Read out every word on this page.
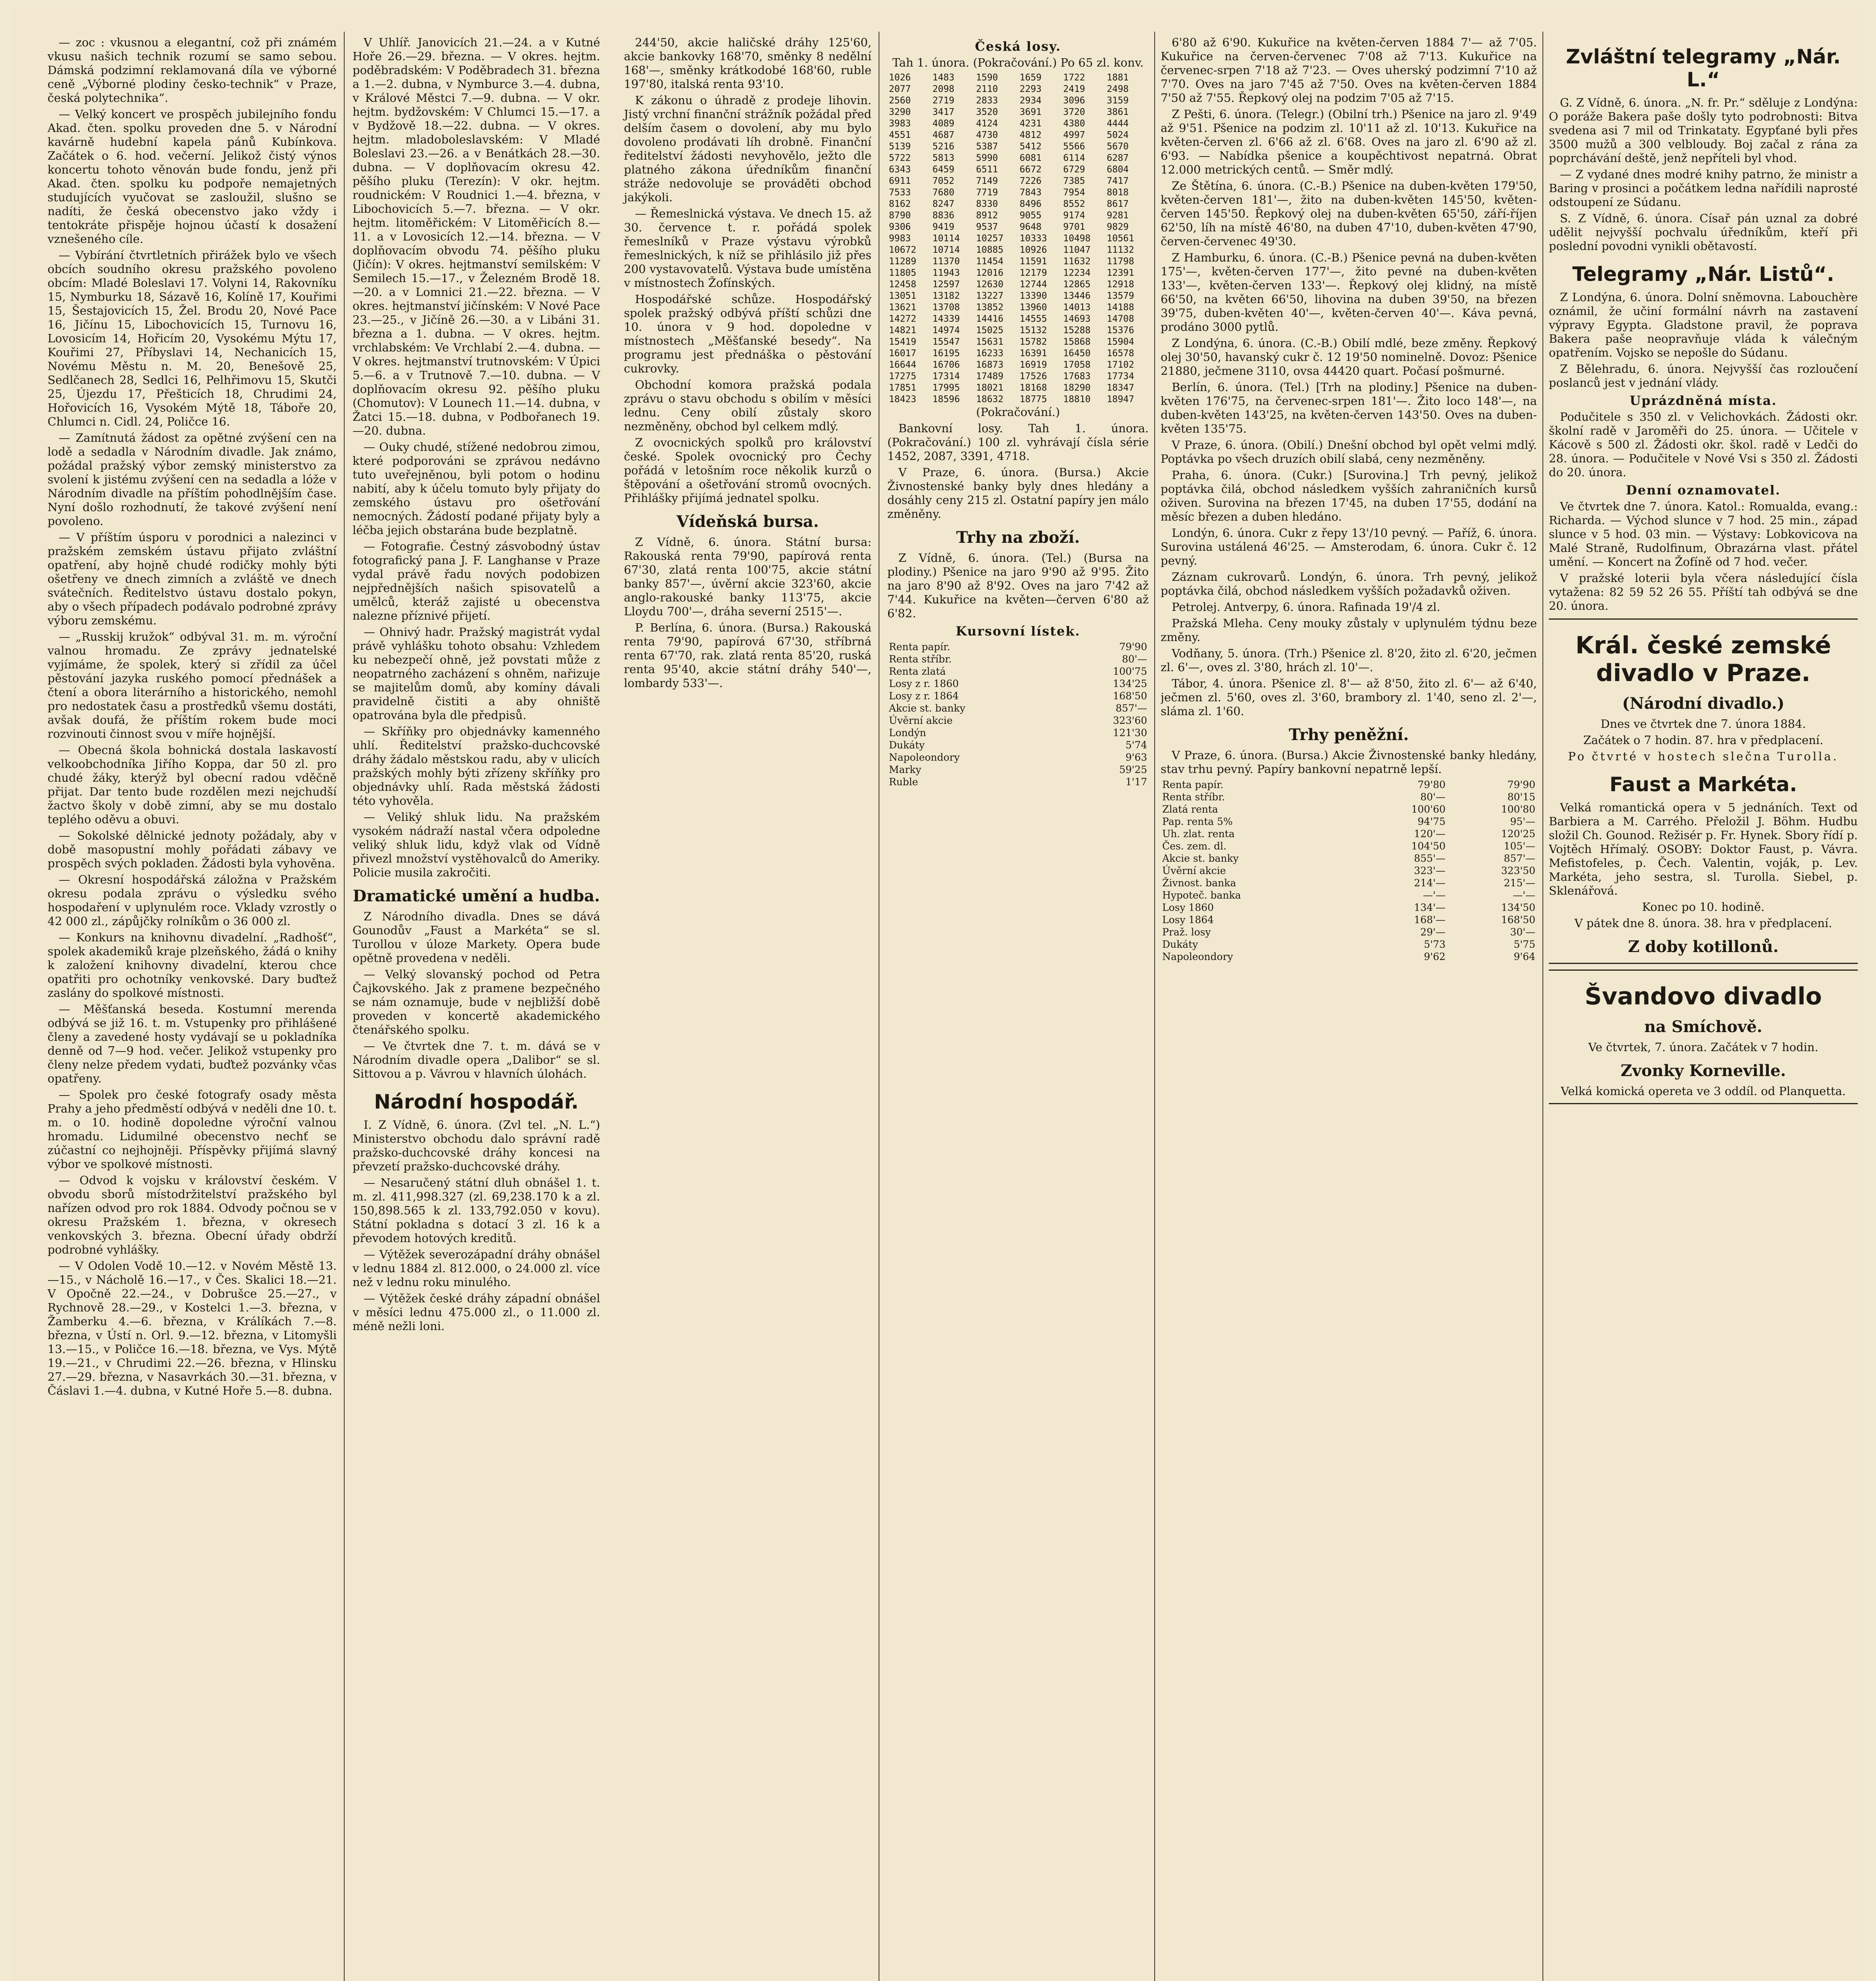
— zoc : vkusnou a elegantní, což při známém vkusu našich technik rozumí se samo sebou. Dámská podzimní reklamovaná díla ve výborné ceně „Výborné plodiny česko-technik“ v Praze, česká polytechnika“.

— Velký koncert ve prospěch jubilejního fondu Akad. čten. spolku proveden dne 5. v Národní kavárně hudební kapela pánů Kubínkova. Začátek o 6. hod. večerní. Jelikož čistý výnos koncertu tohoto věnován bude fondu, jenž při Akad. čten. spolku ku podpoře nemajetných studujících vyučovat se zasloužil, slušno se nadíti, že česká obecenstvo jako vždy i tentokráte přispěje hojnou účastí k dosažení vznešeného cíle.

— Vybírání čtvrtletních přirážek bylo ve všech obcích soudního okresu pražského povoleno obcím: Mladé Boleslavi 17. Volyni 14, Rakovníku 15, Nymburku 18, Sázavě 16, Kolíně 17, Kouřimi 15, Šestajovicích 15, Žel. Brodu 20, Nové Pace 16, Jičínu 15, Libochovicích 15, Turnovu 16, Lovosicím 14, Hořicím 20, Vysokému Mýtu 17, Kouřimi 27, Příbyslavi 14, Nechanicích 15, Novému Městu n. M. 20, Benešově 25, Sedlčanech 28, Sedlci 16, Pelhřimovu 15, Skutči 25, Újezdu 17, Přešticích 18, Chrudimi 24, Hořovicích 16, Vysokém Mýtě 18, Táboře 20, Chlumci n. Cidl. 24, Poličce 16.

— Zamítnutá žádost za opětné zvýšení cen na lodě a sedadla v Národním divadle. Jak známo, požádal pražský výbor zemský ministerstvo za svolení k jistému zvýšení cen na sedadla a lóže v Národním divadle na příštím pohodlnějším čase. Nyní došlo rozhodnutí, že takové zvýšení není povoleno.

— V příštím úsporu v porodnici a nalezinci v pražském zemském ústavu přijato zvláštní opatření, aby hojně chudé rodičky mohly býti ošetřeny ve dnech zimních a zvláště ve dnech svátečních. Ředitelstvo ústavu dostalo pokyn, aby o všech případech podávalo podrobné zprávy výboru zemskému.

— „Russkij kružok“ odbýval 31. m. m. výroční valnou hromadu. Ze zprávy jednatelské vyjímáme, že spolek, který si zřídil za účel pěstování jazyka ruského pomocí přednášek a čtení a obora literárního a historického, nemohl pro nedostatek času a prostředků všemu dostáti, avšak doufá, že příštím rokem bude moci rozvinouti činnost svou v míře hojnější.

— Obecná škola bohnická dostala laskavostí velkoobchodníka Jiřího Koppa, dar 50 zl. pro chudé žáky, kterýž byl obecní radou vděčně přijat. Dar tento bude rozdělen mezi nejchudší žactvo školy v době zimní, aby se mu dostalo teplého oděvu a obuvi.

— Sokolské dělnické jednoty požádaly, aby v době masopustní mohly pořádati zábavy ve prospěch svých pokladen. Žádosti byla vyhověna.

— Okresní hospodářská záložna v Pražském okresu podala zprávu o výsledku svého hospodaření v uplynulém roce. Vklady vzrostly o 42 000 zl., zápůjčky rolníkům o 36 000 zl.

— Konkurs na knihovnu divadelní. „Radhošť“, spolek akademiků kraje plzeňského, žádá o knihy k založení knihovny divadelní, kterou chce opatřiti pro ochotníky venkovské. Dary buďtež zaslány do spolkové místnosti.

— Měšťanská beseda. Kostumní merenda odbývá se již 16. t. m. Vstupenky pro přihlášené členy a zavedené hosty vydávají se u pokladníka denně od 7—9 hod. večer. Jelikož vstupenky pro členy nelze předem vydati, buďtež pozvánky včas opatřeny.

— Spolek pro české fotografy osady města Prahy a jeho předměstí odbývá v neděli dne 10. t. m. o 10. hodině dopoledne výroční valnou hromadu. Lidumilné obecenstvo nechť se zúčastní co nejhojněji. Příspěvky přijímá slavný výbor ve spolkové místnosti.

— Odvod k vojsku v království českém. V obvodu sborů místodržitelství pražského byl nařízen odvod pro rok 1884. Odvody počnou se v okresu Pražském 1. března, v okresech venkovských 3. března. Obecní úřady obdrží podrobné vyhlášky.

— V Odolen Vodě 10.—12. v Novém Městě 13.—15., v Nácholě 16.—17., v Čes. Skalici 18.—21. V Opočně 22.—24., v Dobrušce 25.—27., v Rychnově 28.—29., v Kostelci 1.—3. března, v Žamberku 4.—6. března, v Králíkách 7.—8. března, v Ústí n. Orl. 9.—12. března, v Litomyšli 13.—15., v Poličce 16.—18. března, ve Vys. Mýtě 19.—21., v Chrudimi 22.—26. března, v Hlinsku 27.—29. března, v Nasavrkách 30.—31. března, v Čáslavi 1.—4. dubna, v Kutné Hoře 5.—8. dubna.

V Uhlíř. Janovicích 21.—24. a v Kutné Hoře 26.—29. března. — V okres. hejtm. poděbradském: V Poděbradech 31. března a 1.—2. dubna, v Nymburce 3.—4. dubna, v Králové Městci 7.—9. dubna. — V okr. hejtm. bydžovském: V Chlumci 15.—17. a v Bydžově 18.—22. dubna. — V okres. hejtm. mladoboleslavském: V Mladé Boleslavi 23.—26. a v Benátkách 28.—30. dubna. — V doplňovacím okresu 42. pěšího pluku (Terezín): V okr. hejtm. roudnickém: V Roudnici 1.—4. března, v Libochovicích 5.—7. března. — V okr. hejtm. litoměřickém: V Litoměřicích 8.—11. a v Lovosicích 12.—14. března. — V doplňovacím obvodu 74. pěšího pluku (Jičín): V okres. hejtmanství semilském: V Semilech 15.—17., v Železném Brodě 18.—20. a v Lomnici 21.—22. března. — V okres. hejtmanství jičínském: V Nové Pace 23.—25., v Jičíně 26.—30. a v Libáni 31. března a 1. dubna. — V okres. hejtm. vrchlabském: Ve Vrchlabí 2.—4. dubna. — V okres. hejtmanství trutnovském: V Úpici 5.—6. a v Trutnově 7.—10. dubna. — V doplňovacím okresu 92. pěšího pluku (Chomutov): V Lounech 11.—14. dubna, v Žatci 15.—18. dubna, v Podbořanech 19.—20. dubna.

— Ouky chudé, stížené nedobrou zimou, které podporováni se zprávou nedávno tuto uveřejněnou, byli potom o hodinu nabití, aby k účelu tomuto byly přijaty do zemského ústavu pro ošetřování nemocných. Žádostí podané přijaty byly a léčba jejich obstarána bude bezplatně.

— Fotografie. Čestný zásvobodný ústav fotografický pana J. F. Langhanse v Praze vydal právě řadu nových podobizen nejpřednějších našich spisovatelů a umělců, kteráž zajisté u obecenstva nalezne příznivé přijetí.

— Ohnivý hadr. Pražský magistrát vydal právě vyhlášku tohoto obsahu: Vzhledem ku nebezpečí ohně, jež povstati může z neopatrného zacházení s ohněm, nařizuje se majitelům domů, aby komíny dávali pravidelně čistiti a aby ohniště opatrována byla dle předpisů.

— Skříňky pro objednávky kamenného uhlí. Ředitelství pražsko-duchcovské dráhy žádalo městskou radu, aby v ulicích pražských mohly býti zřízeny skříňky pro objednávky uhlí. Rada městská žádosti této vyhověla.

— Veliký shluk lidu. Na pražském vysokém nádraží nastal včera odpoledne veliký shluk lidu, když vlak od Vídně přivezl množství vystěhovalců do Ameriky. Policie musila zakročiti.

Dramatické umění a hudba.

Z Národního divadla. Dnes se dává Gounodův „Faust a Markéta“ se sl. Turollou v úloze Markety. Opera bude opětně provedena v neděli.

— Velký slovanský pochod od Petra Čajkovského. Jak z pramene bezpečného se nám oznamuje, bude v nejbližší době proveden v koncertě akademického čtenářského spolku.

— Ve čtvrtek dne 7. t. m. dává se v Národním divadle opera „Dalibor“ se sl. Sittovou a p. Vávrou v hlavních úlohách.

Národní hospodář.

I. Z Vídně, 6. února. (Zvl tel. „N. L.“) Ministerstvo obchodu dalo správní radě pražsko-duchcovské dráhy koncesi na převzetí pražsko-duchcovské dráhy.

— Nesaručený státní dluh obnášel 1. t. m. zl. 411,998.327 (zl. 69,238.170 k a zl. 150,898.565 k zl. 133,792.050 v kovu). Státní pokladna s dotací 3 zl. 16 k a převodem hotových kreditů.

— Výtěžek severozápadní dráhy obnášel v lednu 1884 zl. 812.000, o 24.000 zl. více než v lednu roku minulého.

— Výtěžek české dráhy západní obnášel v měsíci lednu 475.000 zl., o 11.000 zl. méně nežli loni.

244'50, akcie haličské dráhy 125'60, akcie bankovky 168'70, směnky 8 nedělní 168'—, směnky krátkodobé 168'60, ruble 197'80, italská renta 93'10.

K zákonu o úhradě z prodeje lihovin. Jistý vrchní finanční strážník požádal před delším časem o dovolení, aby mu bylo dovoleno prodávati líh drobně. Finanční ředitelství žádosti nevyhovělo, ježto dle platného zákona úředníkům finanční stráže nedovoluje se prováděti obchod jakýkoli.

— Řemeslnická výstava. Ve dnech 15. až 30. července t. r. pořádá spolek řemeslníků v Praze výstavu výrobků řemeslnických, k níž se přihlásilo již přes 200 vystavovatelů. Výstava bude umístěna v místnostech Žofínských.

Hospodářské schůze. Hospodářský spolek pražský odbývá příští schůzi dne 10. února v 9 hod. dopoledne v místnostech „Měšťanské besedy“. Na programu jest přednáška o pěstování cukrovky.

Obchodní komora pražská podala zprávu o stavu obchodu s obilím v měsíci lednu. Ceny obilí zůstaly skoro nezměněny, obchod byl celkem mdlý.

Z ovocnických spolků pro království české. Spolek ovocnický pro Čechy pořádá v letošním roce několik kurzů o štěpování a ošetřování stromů ovocných. Přihlášky přijímá jednatel spolku.

Vídeňská bursa.

Z Vídně, 6. února. Státní bursa: Rakouská renta 79'90, papírová renta 67'30, zlatá renta 100'75, akcie státní banky 857'—, úvěrní akcie 323'60, akcie anglo-rakouské banky 113'75, akcie Lloydu 700'—, dráha severní 2515'—.

P. Berlína, 6. února. (Bursa.) Rakouská renta 79'90, papírová 67'30, stříbrná renta 67'70, rak. zlatá renta 85'20, ruská renta 95'40, akcie státní dráhy 540'—, lombardy 533'—.

Česká losy.

Tah 1. února. (Pokračování.) Po 65 zl. konv.

1026	1483	1590	1659	1722	1881
2077	2098	2110	2293	2419	2498
2560	2719	2833	2934	3096	3159
3290	3417	3520	3691	3720	3861
3983	4089	4124	4231	4380	4444
4551	4687	4730	4812	4997	5024
5139	5216	5387	5412	5566	5670
5722	5813	5990	6081	6114	6287
6343	6459	6511	6672	6729	6804
6911	7052	7149	7226	7385	7417
7533	7680	7719	7843	7954	8018
8162	8247	8330	8496	8552	8617
8790	8836	8912	9055	9174	9281
9306	9419	9537	9648	9701	9829
9983	10114	10257	10333	10498	10561
10672	10714	10885	10926	11047	11132
11289	11370	11454	11591	11632	11798
11805	11943	12016	12179	12234	12391
12458	12597	12630	12744	12865	12918
13051	13182	13227	13390	13446	13579
13621	13708	13852	13960	14013	14188
14272	14339	14416	14555	14693	14708
14821	14974	15025	15132	15288	15376
15419	15547	15631	15782	15868	15904
16017	16195	16233	16391	16450	16578
16644	16706	16873	16919	17058	17102
17275	17314	17489	17526	17683	17734
17851	17995	18021	18168	18290	18347
18423	18596	18632	18775	18810	18947

(Pokračování.)

Bankovní losy. Tah 1. února. (Pokračování.) 100 zl. vyhrávají čísla série 1452, 2087, 3391, 4718.

V Praze, 6. února. (Bursa.) Akcie Živnostenské banky byly dnes hledány a dosáhly ceny 215 zl. Ostatní papíry jen málo změněny.

Trhy na zboží.

Z Vídně, 6. února. (Tel.) (Bursa na plodiny.) Pšenice na jaro 9'90 až 9'95. Žito na jaro 8'90 až 8'92. Oves na jaro 7'42 až 7'44. Kukuřice na květen—červen 6'80 až 6'82.

Kursovní lístek.
Renta papír.	79'90
Renta stříbr.	80'—
Renta zlatá	100'75
Losy z r. 1860	134'25
Losy z r. 1864	168'50
Akcie st. banky	857'—
Úvěrní akcie	323'60
Londýn	121'30
Dukáty	5'74
Napoleondory	9'63
Marky	59'25
Ruble	1'17

6'80 až 6'90. Kukuřice na květen-červen 1884 7'— až 7'05. Kukuřice na červen-červenec 7'08 až 7'13. Kukuřice na červenec-srpen 7'18 až 7'23. — Oves uherský podzimní 7'10 až 7'70. Oves na jaro 7'45 až 7'50. Oves na květen-červen 1884 7'50 až 7'55. Řepkový olej na podzim 7'05 až 7'15.

Z Pešti, 6. února. (Telegr.) (Obilní trh.) Pšenice na jaro zl. 9'49 až 9'51. Pšenice na podzim zl. 10'11 až zl. 10'13. Kukuřice na květen-červen zl. 6'66 až zl. 6'68. Oves na jaro zl. 6'90 až zl. 6'93. — Nabídka pšenice a koupěchtivost nepatrná. Obrat 12.000 metrických centů. — Směr mdlý.

Ze Štětína, 6. února. (C.-B.) Pšenice na duben-květen 179'50, květen-červen 181'—, žito na duben-květen 145'50, květen-červen 145'50. Řepkový olej na duben-květen 65'50, září-říjen 62'50, líh na místě 46'80, na duben 47'10, duben-květen 47'90, červen-červenec 49'30.

Z Hamburku, 6. února. (C.-B.) Pšenice pevná na duben-květen 175'—, květen-červen 177'—, žito pevné na duben-květen 133'—, květen-červen 133'—. Řepkový olej klidný, na místě 66'50, na květen 66'50, lihovina na duben 39'50, na březen 39'75, duben-květen 40'—, květen-červen 40'—. Káva pevná, prodáno 3000 pytlů.

Z Londýna, 6. února. (C.-B.) Obilí mdlé, beze změny. Řepkový olej 30'50, havanský cukr č. 12 19'50 nominelně. Dovoz: Pšenice 21880, ječmene 3110, ovsa 44420 quart. Počasí pošmurné.

Berlín, 6. února. (Tel.) [Trh na plodiny.] Pšenice na duben-květen 176'75, na červenec-srpen 181'—. Žito loco 148'—, na duben-květen 143'25, na květen-červen 143'50. Oves na duben-květen 135'75.

V Praze, 6. února. (Obilí.) Dnešní obchod byl opět velmi mdlý. Poptávka po všech druzích obilí slabá, ceny nezměněny.

Praha, 6. února. (Cukr.) [Surovina.] Trh pevný, jelikož poptávka čilá, obchod následkem vyšších zahraničních kursů oživen. Surovina na březen 17'45, na duben 17'55, dodání na měsíc březen a duben hledáno.

Londýn, 6. února. Cukr z řepy 13'/10 pevný. — Paříž, 6. února. Surovina ustálená 46'25. — Amsterodam, 6. února. Cukr č. 12 pevný.

Záznam cukrovarů. Londýn, 6. února. Trh pevný, jelikož poptávka čilá, obchod následkem vyšších požadavků oživen.

Petrolej. Antverpy, 6. února. Rafinada 19'/4 zl.

Pražská Mleha. Ceny mouky zůstaly v uplynulém týdnu beze změny.

Vodňany, 5. února. (Trh.) Pšenice zl. 8'20, žito zl. 6'20, ječmen zl. 6'—, oves zl. 3'80, hrách zl. 10'—.

Tábor, 4. února. Pšenice zl. 8'— až 8'50, žito zl. 6'— až 6'40, ječmen zl. 5'60, oves zl. 3'60, brambory zl. 1'40, seno zl. 2'—, sláma zl. 1'60.

Trhy peněžní.

V Praze, 6. února. (Bursa.) Akcie Živnostenské banky hledány, stav trhu pevný. Papíry bankovní nepatrně lepší.

Renta papír.	79'80	79'90
Renta stříbr.	80'—	80'15
Zlatá renta	100'60	100'80
Pap. renta 5%	94'75	95'—
Uh. zlat. renta	120'—	120'25
Čes. zem. dl.	104'50	105'—
Akcie st. banky	855'—	857'—
Úvěrní akcie	323'—	323'50
Živnost. banka	214'—	215'—
Hypoteč. banka	—'—	—'—
Losy 1860	134'—	134'50
Losy 1864	168'—	168'50
Praž. losy	29'—	30'—
Dukáty	5'73	5'75
Napoleondory	9'62	9'64
Zvláštní telegramy „Nár. L.“

G. Z Vídně, 6. února. „N. fr. Pr.“ sděluje z Londýna: O poráže Bakera paše došly tyto podrobnosti: Bitva svedena asi 7 mil od Trinkataty. Egypťané byli přes 3500 mužů a 300 velbloudy. Boj začal z rána za poprchávání deště, jenž nepříteli byl vhod.

— Z vydané dnes modré knihy patrno, že ministr a Baring v prosinci a počátkem ledna nařídili naprosté odstoupení ze Súdanu.

S. Z Vídně, 6. února. Císař pán uznal za dobré udělit nejvyšší pochvalu úředníkům, kteří při poslední povodni vynikli obětavostí.

Telegramy „Nár. Listů“.

Z Londýna, 6. února. Dolní sněmovna. Labouchère oznámil, že učiní formální návrh na zastavení výpravy Egypta. Gladstone pravil, že poprava Bakera paše neopravňuje vláda k válečným opatřením. Vojsko se nepošle do Súdanu.

Z Bělehradu, 6. února. Nejvyšší čas rozloučení poslanců jest v jednání vlády.

Uprázdněná místa.

Podučitele s 350 zl. v Velichovkách. Žádosti okr. školní radě v Jaroměři do 25. února. — Učitele v Kácově s 500 zl. Žádosti okr. škol. radě v Ledči do 28. února. — Podučitele v Nové Vsi s 350 zl. Žádosti do 20. února.

Denní oznamovatel.

Ve čtvrtek dne 7. února. Katol.: Romualda, evang.: Richarda. — Východ slunce v 7 hod. 25 min., západ slunce v 5 hod. 03 min. — Výstavy: Lobkovicova na Malé Straně, Rudolfinum, Obrazárna vlast. přátel umění. — Koncert na Žofíně od 7 hod. večer.

V pražské loterii byla včera následující čísla vytažena: 82 59 52 26 55. Příští tah odbývá se dne 20. února.

Král. české zemské divadlo v Praze.
(Národní divadlo.)

Dnes ve čtvrtek dne 7. února 1884.

Začátek o 7 hodin. 87. hra v předplacení.

Po čtvrté v hostech slečna Turolla.

Faust a Markéta.

Velká romantická opera v 5 jednáních. Text od Barbiera a M. Carrého. Přeložil J. Böhm. Hudbu složil Ch. Gounod. Režisér p. Fr. Hynek. Sbory řídí p. Vojtěch Hřímalý. OSOBY: Doktor Faust, p. Vávra. Mefistofeles, p. Čech. Valentin, voják, p. Lev. Markéta, jeho sestra, sl. Turolla. Siebel, p. Sklenářová.

Konec po 10. hodině.

V pátek dne 8. února. 38. hra v předplacení.

Z doby kotillonů.
Švandovo divadlo
na Smíchově.

Ve čtvrtek, 7. února. Začátek v 7 hodin.

Zvonky Korneville.

Velká komická opereta ve 3 oddíl. od Planquetta.
